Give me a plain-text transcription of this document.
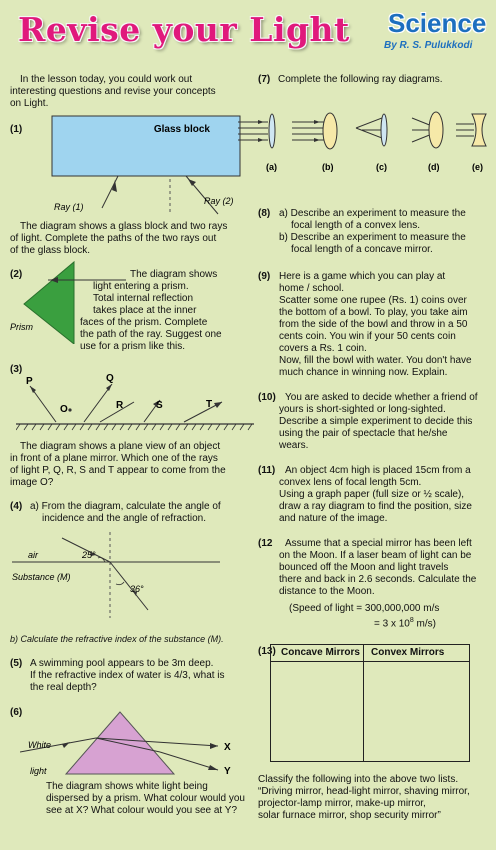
Revise your Light Science
By R. S. Pulukkodi
In the lesson today, you could work out
interesting questions and revise your concepts
on Light.
(1)	Glass block
Ray (1)
Ray (2)
The diagram shows a glass block and two rays
of light. Complete the paths of the two rays out
of the glass block.
(2)
Prism
The diagram shows
light entering a prism.
Total internal reflection
takes place at the inner
faces of the prism. Complete
the path of the ray. Suggest one
use for a prism like this.
(3)
P
O
Q
R	S	T
The diagram shows a plane view of an object
in front of a plane mirror. Which one of the rays
of light P, Q, R, S and T appear to come from the
image O?
(4) a) From the diagram, calculate the angle of
incidence and the angle of refraction.
air
Substance (M)
25°
36°
b) Calculate the refractive index of the substance (M).
(5) A swimming pool appears to be 3m deep.
If the refractive index of water is 4/3, what is
the real depth?
(6)
White
light
X
Y
The diagram shows white light being
dispersed by a prism. What colour would you
see at X? What colour would you see at Y?
(7) Complete the following ray diagrams.
(a)	(b)	(c)	(d)	(e)
(8) a) Describe an experiment to measure the
focal length of a convex lens.
b) Describe an experiment to measure the
focal length of a concave mirror.
(9) Here is a game which you can play at
home / school.
Scatter some one rupee (Rs. 1) coins over
the bottom of a bowl. To play, you take aim
from the side of the bowl and throw in a 50
cents coin. You win if your 50 cents coin
covers a Rs. 1 coin.
Now, fill the bowl with water. You don't have
much chance in winning now. Explain.
(10) You are asked to decide whether a friend of
yours is short-sighted or long-sighted.
Describe a simple experiment to decide this
using the pair of spectacle that he/she
wears.
(11) An object 4cm high is placed 15cm from a
convex lens of focal length 5cm.
Using a graph paper (full size or ½ scale),
draw a ray diagram to find the position, size
and nature of the image.
(12 Assume that a special mirror has been left
on the Moon. If a laser beam of light can be
bounced off the Moon and light travels
there and back in 2.6 seconds. Calculate the
distance to the Moon.
(Speed of light = 300,000,000 m/s
= 3 x $10^8$ m/s)
(13) Concave Mirrors Convex Mirrors
Classify the following into the above two lists.
“Driving mirror, head-light mirror, shaving mirror,
projector-lamp mirror, make-up mirror,
solar furnace mirror, shop security mirror”
